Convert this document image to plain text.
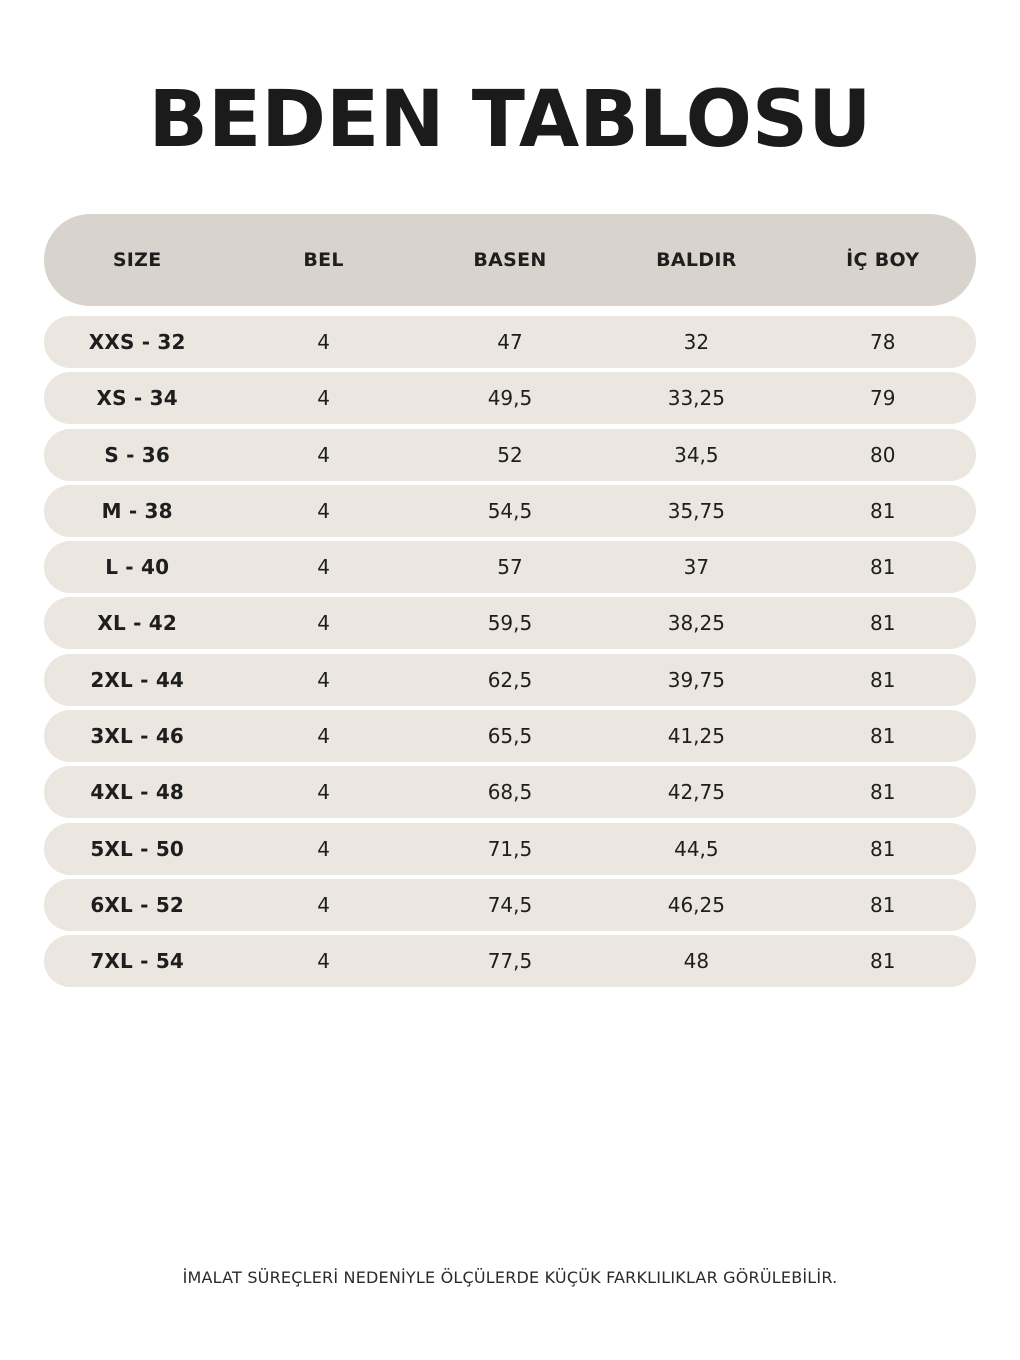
BEDEN TABLOSU
SIZE	BEL	BASEN	BALDIR	İÇ BOY
XXS - 32	4	47	32	78
XS - 34	4	49,5	33,25	79
S - 36	4	52	34,5	80
M - 38	4	54,5	35,75	81
L - 40	4	57	37	81
XL - 42	4	59,5	38,25	81
2XL - 44	4	62,5	39,75	81
3XL - 46	4	65,5	41,25	81
4XL - 48	4	68,5	42,75	81
5XL - 50	4	71,5	44,5	81
6XL - 52	4	74,5	46,25	81
7XL - 54	4	77,5	48	81
İMALAT SÜREÇLERİ NEDENİYLE ÖLÇÜLERDE KÜÇÜK FARKLILIKLAR GÖRÜLEBİLİR.
